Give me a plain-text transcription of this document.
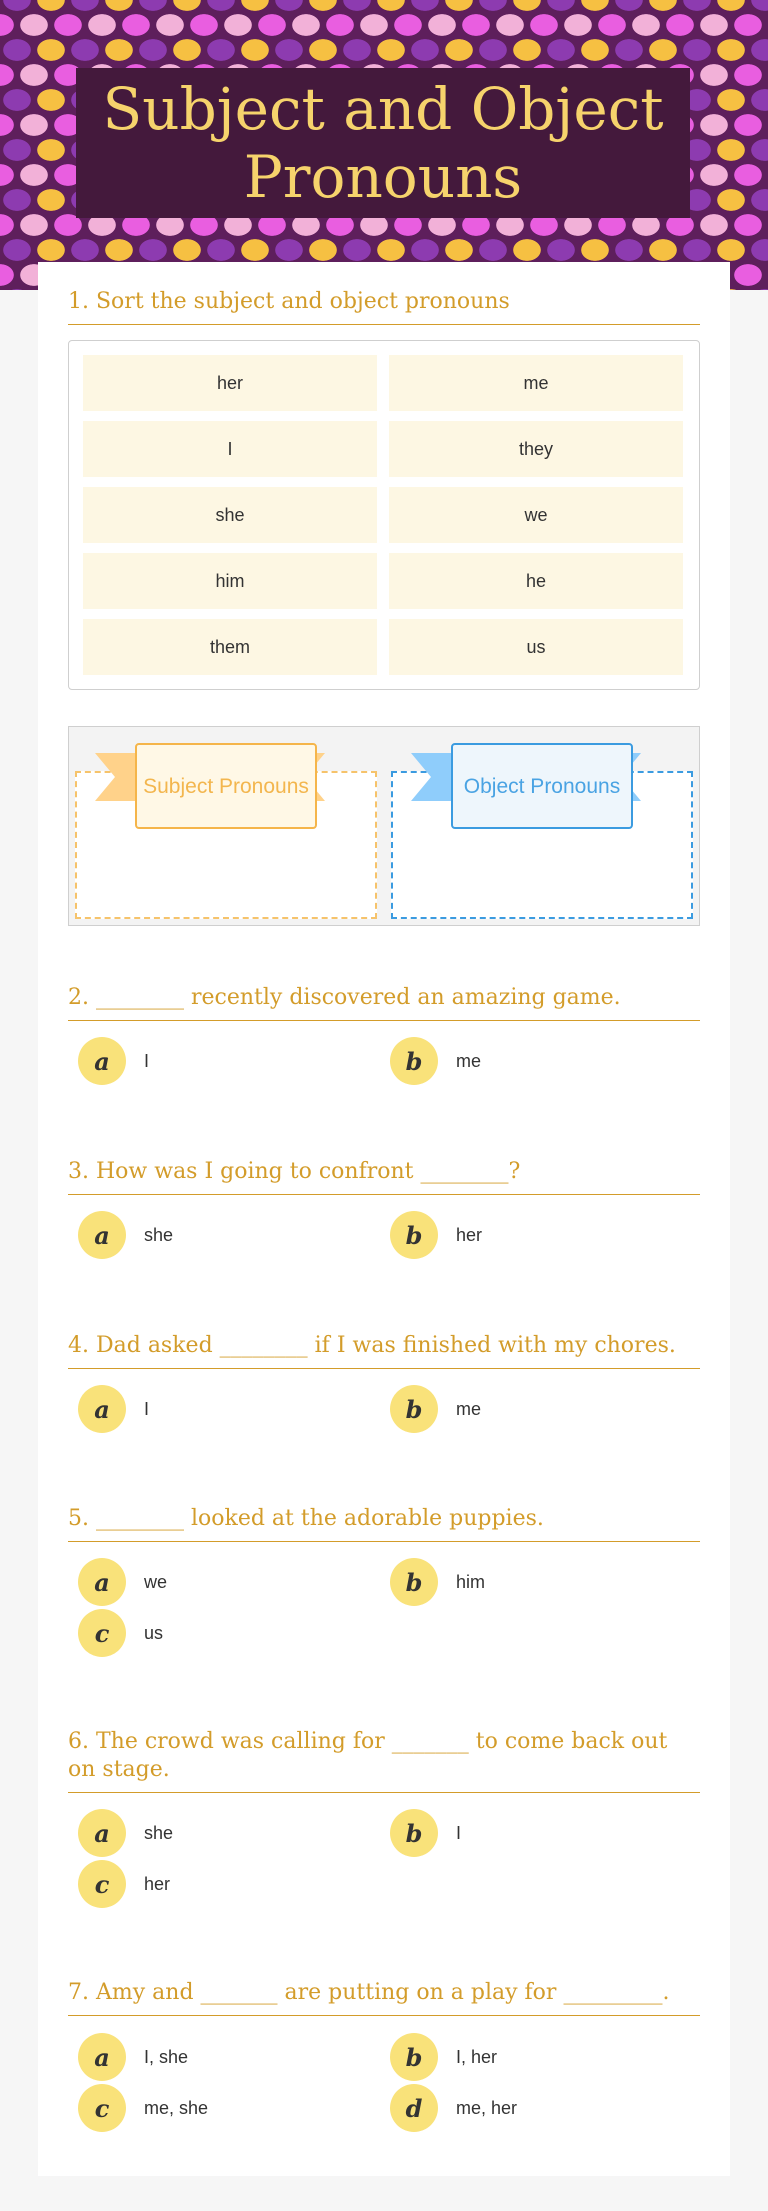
Subject and Object Pronouns
1. Sort the subject and object pronouns
her	me
I	they
she	we
him	he
them	us
Subject Pronouns	Object Pronouns
2. ________ recently discovered an amazing game.
a	I	b	me
3. How was I going to confront ________?
a	she	b	her
4. Dad asked ________ if I was finished with my chores.
a	I	b	me
5. ________ looked at the adorable puppies.
a	we	b	him
c	us
6. The crowd was calling for _______ to come back out on stage.
a	she	b	I
c	her
7. Amy and _______ are putting on a play for _________.
a	I, she	b	I, her
c	me, she	d	me, her
